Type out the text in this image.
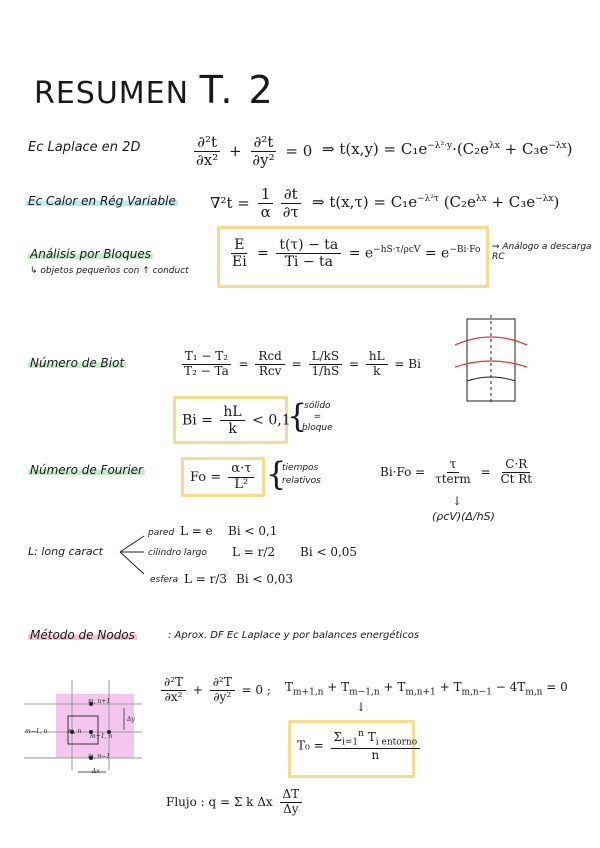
RESUMEN T. 2
Ec Laplace en 2D	$\frac{\text{∂²t}}{\text{∂x²}} + \frac{\text{∂²t}}{\text{∂y²}} = 0$ ⇒ $t(x,y) = C_1e^{-\lambda^2\cdot y}\cdot(C_2e^{\lambda x} + C_3e^{-\lambda x})$
Ec Calor en Rég Variable $\nabla^2t = \frac{1}{\alpha} \frac{\partial t}{\partial\tau}$ ⇒ $t(x,\tau) = C_1e^{-\lambda^2\tau}$ $(C_2e^{\lambda x} + C_3e^{-\lambda x})$
Análisis por Bloques
↳ objetos pequeños con ↑ conduct
$\frac{E}{Ei} = \frac{t(\tau) - ta}{Ti - ta} = e^{-hS\cdot\tau/\rho cV} = e^{-Bi\cdot Fo}$ ⇝ Análogo a descarga RC
Número de Biot	$\frac{\text{T₁ − T₂}}{\text{T₂ − Ta}} = \frac{\text{Rcd}}{\text{Rcv}} = \frac{L/kS}{1/hS} = \frac{hL}{k} = Bi$
$Bi = \frac{hL}{k} < 0,1$
{
sólido
=
bloque
Número de Fourier	$Fo = \frac{\alpha\cdot\tau}{\text{L²}}$ {
tiempos
relativos
$Bi\cdot Fo = \frac{\tau}{\text{τterm}} = \frac{C\cdot R}{\text{Ct Rt}}$
↓
(ρcV)(Δ/hS)
L: long caract
pared L = e Bi < 0,1
cilindro largo L = r/2 Bi < 0,05
esfera L = r/3 Bi < 0,03
Método de Nodos	: Aprox. DF Ec Laplace y por balances energéticos
m, n+1
m−1, n	m, n
m+1, n
m, n−1
Δy
Δx
$\frac{\text{∂²T}}{\text{∂x²}} + \frac{\text{∂²T}}{\text{∂y²}} = 0$ ; $T_{m+1,n} + T_{m-1,n} + T_{m,n+1} + T_{m,n-1} - 4T_{m,n} = 0$
↓
$T_0 = \frac{\Sigma_{i=1}^n T_{i entorno}}{n}$
Flujo : q = Σ k Δx $\frac{\Delta T}{\Delta y}$
